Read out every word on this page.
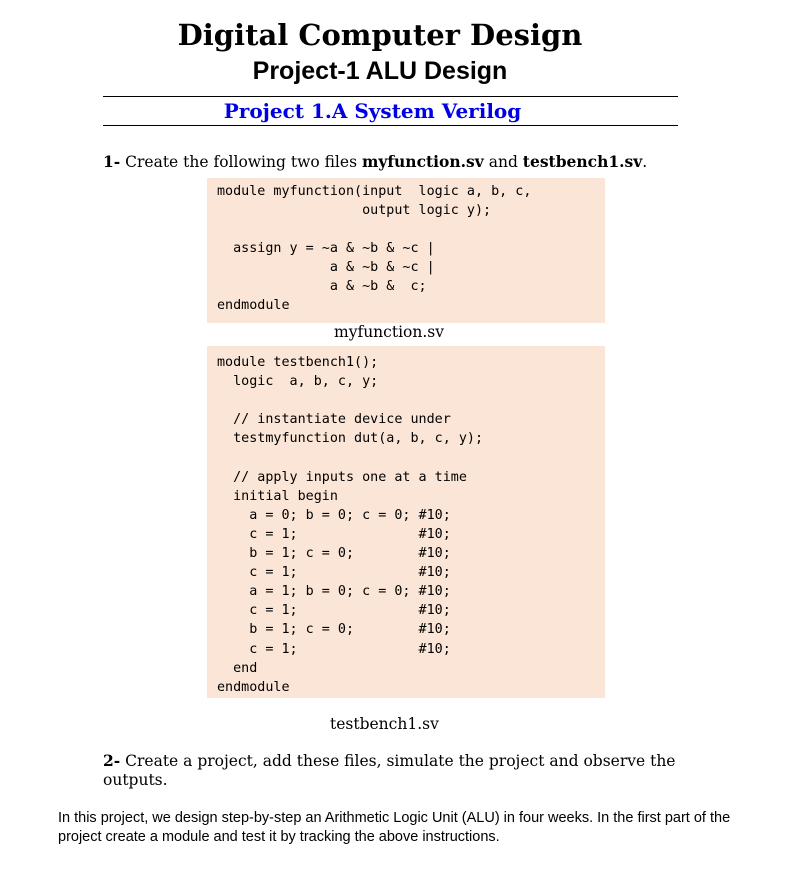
Digital Computer Design
Project-1 ALU Design
Project 1.A System Verilog
1- Create the following two files myfunction.sv and testbench1.sv.
module myfunction(input  logic a, b, c,
output logic y);
assign y = ~a & ~b & ~c |
a & ~b & ~c |
a & ~b &  c;
endmodule
myfunction.sv
module testbench1();
logic  a, b, c, y;
// instantiate device under
testmyfunction dut(a, b, c, y);
// apply inputs one at a time
initial begin
a = 0; b = 0; c = 0; #10;
c = 1;               #10;
b = 1; c = 0;        #10;
c = 1;               #10;
a = 1; b = 0; c = 0; #10;
c = 1;               #10;
b = 1; c = 0;        #10;
c = 1;               #10;
end
endmodule
testbench1.sv
2- Create a project, add these files, simulate the project and observe the outputs.
In this project, we design step-by-step an Arithmetic Logic Unit (ALU) in four weeks. In the first part of the project create a module and test it by tracking the above instructions.
